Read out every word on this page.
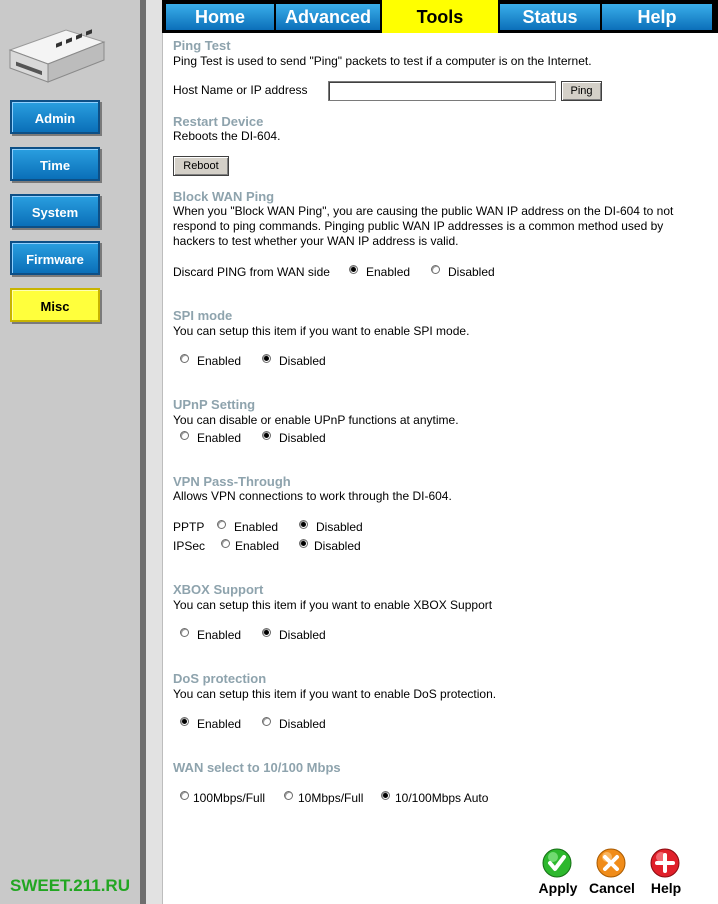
Admin
Time
System
Firmware
Misc
SWEET.211.RU
Home	Advanced	Tools	Status	Help
Ping Test
Ping Test is used to send "Ping" packets to test if a computer is on the Internet.
Host Name or IP address	Ping
Restart Device
Reboots the DI-604.
Reboot
Block WAN Ping
When you "Block WAN Ping", you are causing the public WAN IP address on the DI-604 to not
respond to ping commands. Pinging public WAN IP addresses is a common method used by
hackers to test whether your WAN IP address is valid.
Discard PING from WAN side	Enabled	Disabled
SPI mode
You can setup this item if you want to enable SPI mode.
Enabled	Disabled
UPnP Setting
You can disable or enable UPnP functions at anytime.
Enabled	Disabled
VPN Pass-Through
Allows VPN connections to work through the DI-604.
PPTP Enabled	Disabled
IPSec Enabled	Disabled
XBOX Support
You can setup this item if you want to enable XBOX Support
Enabled	Disabled
DoS protection
You can setup this item if you want to enable DoS protection.
Enabled	Disabled
WAN select to 10/100 Mbps
100Mbps/Full	10Mbps/Full	10/100Mbps Auto
Apply Cancel	Help
